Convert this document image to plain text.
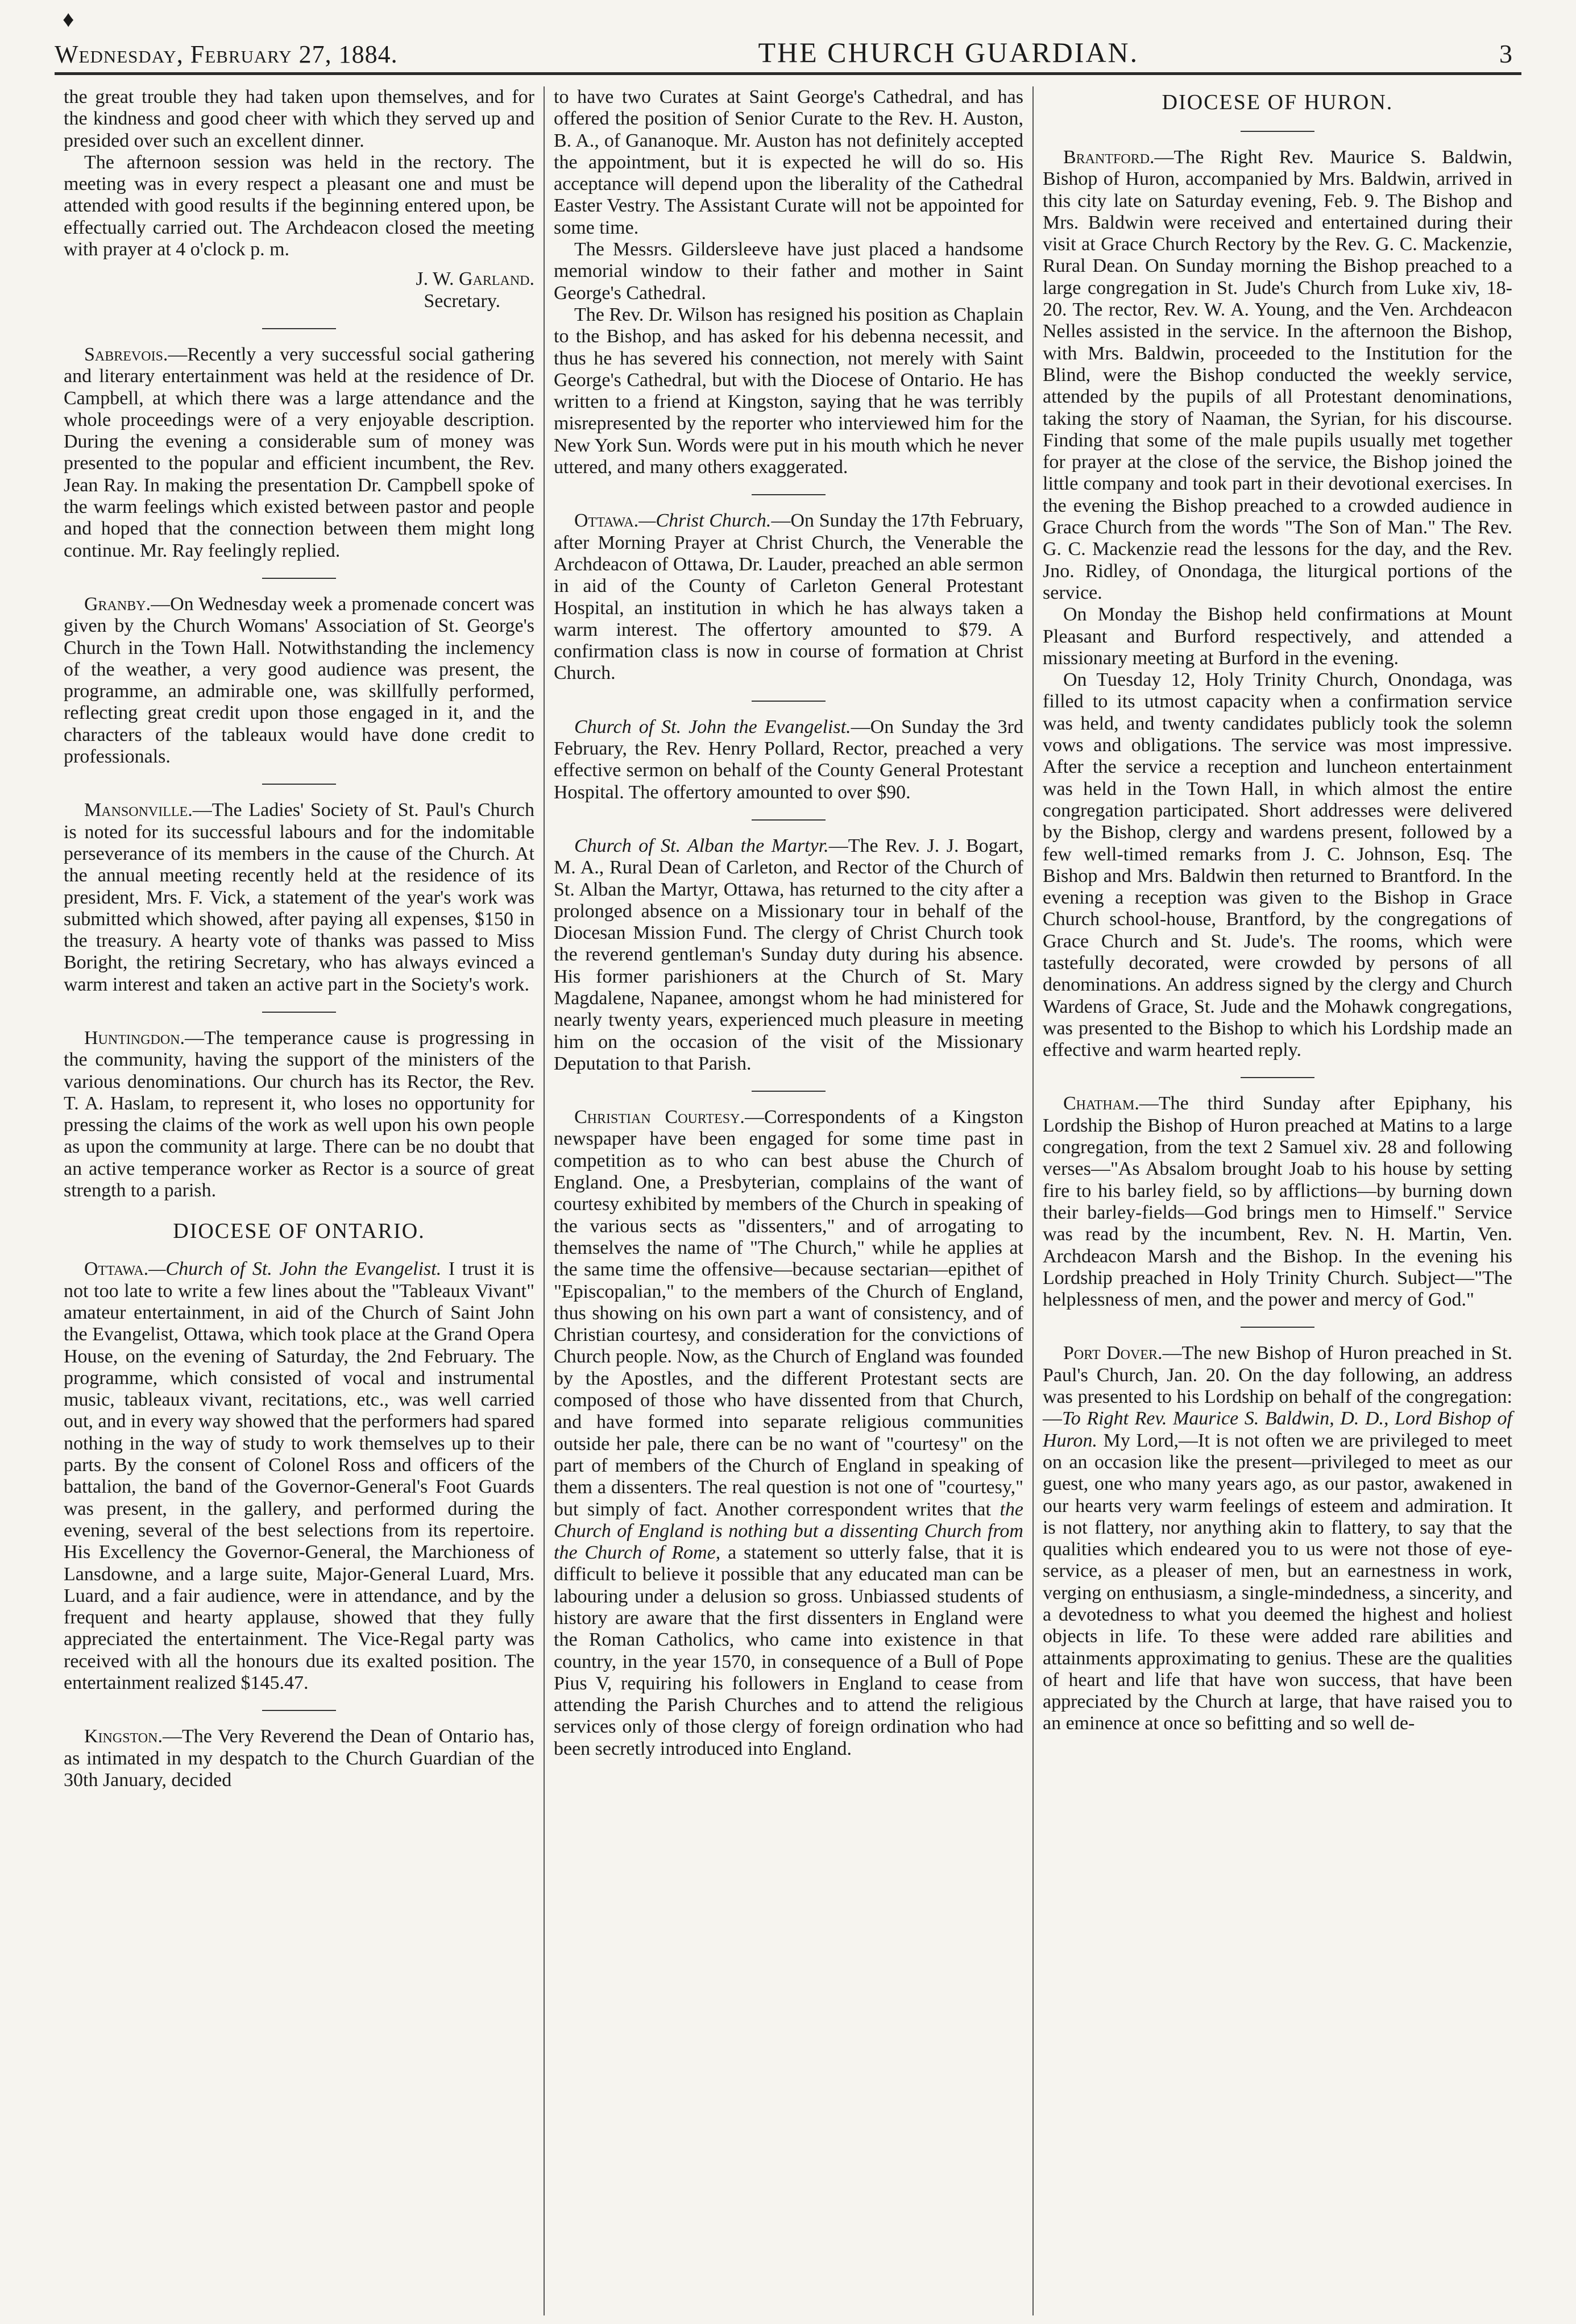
♦
Wednesday, February 27, 1884.	THE CHURCH GUARDIAN.	3

the great trouble they had taken upon themselves, and for the kindness and good cheer with which they served up and presided over such an excellent dinner.

The afternoon session was held in the rectory. The meeting was in every respect a pleasant one and must be attended with good results if the beginning entered upon, be effectually carried out. The Archdeacon closed the meeting with prayer at 4 o'clock p. m.

J. W. Garland.

Secretary.

Sabrevois.—Recently a very successful social gathering and literary entertainment was held at the residence of Dr. Campbell, at which there was a large attendance and the whole proceedings were of a very enjoyable description. During the evening a considerable sum of money was presented to the popular and efficient incumbent, the Rev. Jean Ray. In making the presentation Dr. Campbell spoke of the warm feelings which existed between pastor and people and hoped that the connection between them might long continue. Mr. Ray feelingly replied.

Granby.—On Wednesday week a promenade concert was given by the Church Womans' Association of St. George's Church in the Town Hall. Notwithstanding the inclemency of the weather, a very good audience was present, the programme, an admirable one, was skillfully performed, reflecting great credit upon those engaged in it, and the characters of the tableaux would have done credit to professionals.

Mansonville.—The Ladies' Society of St. Paul's Church is noted for its successful labours and for the indomitable perseverance of its members in the cause of the Church. At the annual meeting recently held at the residence of its president, Mrs. F. Vick, a statement of the year's work was submitted which showed, after paying all expenses, $150 in the treasury. A hearty vote of thanks was passed to Miss Boright, the retiring Secretary, who has always evinced a warm interest and taken an active part in the Society's work.

Huntingdon.—The temperance cause is progressing in the community, having the support of the ministers of the various denominations. Our church has its Rector, the Rev. T. A. Haslam, to represent it, who loses no opportunity for pressing the claims of the work as well upon his own people as upon the community at large. There can be no doubt that an active temperance worker as Rector is a source of great strength to a parish.

DIOCESE OF ONTARIO.

Ottawa.—Church of St. John the Evangelist. I trust it is not too late to write a few lines about the "Tableaux Vivant" amateur entertainment, in aid of the Church of Saint John the Evangelist, Ottawa, which took place at the Grand Opera House, on the evening of Saturday, the 2nd February. The programme, which consisted of vocal and instrumental music, tableaux vivant, recitations, etc., was well carried out, and in every way showed that the performers had spared nothing in the way of study to work themselves up to their parts. By the consent of Colonel Ross and officers of the battalion, the band of the Governor-General's Foot Guards was present, in the gallery, and performed during the evening, several of the best selections from its repertoire. His Excellency the Governor-General, the Marchioness of Lansdowne, and a large suite, Major-General Luard, Mrs. Luard, and a fair audience, were in attendance, and by the frequent and hearty applause, showed that they fully appreciated the entertainment. The Vice-Regal party was received with all the honours due its exalted position. The entertainment realized $145.47.

Kingston.—The Very Reverend the Dean of Ontario has, as intimated in my despatch to the Church Guardian of the 30th January, decided

to have two Curates at Saint George's Cathedral, and has offered the position of Senior Curate to the Rev. H. Auston, B. A., of Gananoque. Mr. Auston has not definitely accepted the appointment, but it is expected he will do so. His acceptance will depend upon the liberality of the Cathedral Easter Vestry. The Assistant Curate will not be appointed for some time.

The Messrs. Gildersleeve have just placed a handsome memorial window to their father and mother in Saint George's Cathedral.

The Rev. Dr. Wilson has resigned his position as Chaplain to the Bishop, and has asked for his debenna necessit, and thus he has severed his connection, not merely with Saint George's Cathedral, but with the Diocese of Ontario. He has written to a friend at Kingston, saying that he was terribly misrepresented by the reporter who interviewed him for the New York Sun. Words were put in his mouth which he never uttered, and many others exaggerated.

Ottawa.—Christ Church.—On Sunday the 17th February, after Morning Prayer at Christ Church, the Venerable the Archdeacon of Ottawa, Dr. Lauder, preached an able sermon in aid of the County of Carleton General Protestant Hospital, an institution in which he has always taken a warm interest. The offertory amounted to $79. A confirmation class is now in course of formation at Christ Church.

Church of St. John the Evangelist.—On Sunday the 3rd February, the Rev. Henry Pollard, Rector, preached a very effective sermon on behalf of the County General Protestant Hospital. The offertory amounted to over $90.

Church of St. Alban the Martyr.—The Rev. J. J. Bogart, M. A., Rural Dean of Carleton, and Rector of the Church of St. Alban the Martyr, Ottawa, has returned to the city after a prolonged absence on a Missionary tour in behalf of the Diocesan Mission Fund. The clergy of Christ Church took the reverend gentleman's Sunday duty during his absence. His former parishioners at the Church of St. Mary Magdalene, Napanee, amongst whom he had ministered for nearly twenty years, experienced much pleasure in meeting him on the occasion of the visit of the Missionary Deputation to that Parish.

Christian Courtesy.—Correspondents of a Kingston newspaper have been engaged for some time past in competition as to who can best abuse the Church of England. One, a Presbyterian, complains of the want of courtesy exhibited by members of the Church in speaking of the various sects as "dissenters," and of arrogating to themselves the name of "The Church," while he applies at the same time the offensive—because sectarian—epithet of "Episcopalian," to the members of the Church of England, thus showing on his own part a want of consistency, and of Christian courtesy, and consideration for the convictions of Church people. Now, as the Church of England was founded by the Apostles, and the different Protestant sects are composed of those who have dissented from that Church, and have formed into separate religious communities outside her pale, there can be no want of "courtesy" on the part of members of the Church of England in speaking of them a dissenters. The real question is not one of "courtesy," but simply of fact. Another correspondent writes that the Church of England is nothing but a dissenting Church from the Church of Rome, a statement so utterly false, that it is difficult to believe it possible that any educated man can be labouring under a delusion so gross. Unbiassed students of history are aware that the first dissenters in England were the Roman Catholics, who came into existence in that country, in the year 1570, in consequence of a Bull of Pope Pius V, requiring his followers in England to cease from attending the Parish Churches and to attend the religious services only of those clergy of foreign ordination who had been secretly introduced into England.

DIOCESE OF HURON.

Brantford.—The Right Rev. Maurice S. Baldwin, Bishop of Huron, accompanied by Mrs. Baldwin, arrived in this city late on Saturday evening, Feb. 9. The Bishop and Mrs. Baldwin were received and entertained during their visit at Grace Church Rectory by the Rev. G. C. Mackenzie, Rural Dean. On Sunday morning the Bishop preached to a large congregation in St. Jude's Church from Luke xiv, 18-20. The rector, Rev. W. A. Young, and the Ven. Archdeacon Nelles assisted in the service. In the afternoon the Bishop, with Mrs. Baldwin, proceeded to the Institution for the Blind, were the Bishop conducted the weekly service, attended by the pupils of all Protestant denominations, taking the story of Naaman, the Syrian, for his discourse. Finding that some of the male pupils usually met together for prayer at the close of the service, the Bishop joined the little company and took part in their devotional exercises. In the evening the Bishop preached to a crowded audience in Grace Church from the words "The Son of Man." The Rev. G. C. Mackenzie read the lessons for the day, and the Rev. Jno. Ridley, of Onondaga, the liturgical portions of the service.

On Monday the Bishop held confirmations at Mount Pleasant and Burford respectively, and attended a missionary meeting at Burford in the evening.

On Tuesday 12, Holy Trinity Church, Onondaga, was filled to its utmost capacity when a confirmation service was held, and twenty candidates publicly took the solemn vows and obligations. The service was most impressive. After the service a reception and luncheon entertainment was held in the Town Hall, in which almost the entire congregation participated. Short addresses were delivered by the Bishop, clergy and wardens present, followed by a few well-timed remarks from J. C. Johnson, Esq. The Bishop and Mrs. Baldwin then returned to Brantford. In the evening a reception was given to the Bishop in Grace Church school-house, Brantford, by the congregations of Grace Church and St. Jude's. The rooms, which were tastefully decorated, were crowded by persons of all denominations. An address signed by the clergy and Church Wardens of Grace, St. Jude and the Mohawk congregations, was presented to the Bishop to which his Lordship made an effective and warm hearted reply.

Chatham.—The third Sunday after Epiphany, his Lordship the Bishop of Huron preached at Matins to a large congregation, from the text 2 Samuel xiv. 28 and following verses—"As Absalom brought Joab to his house by setting fire to his barley field, so by afflictions—by burning down their barley-fields—God brings men to Himself." Service was read by the incumbent, Rev. N. H. Martin, Ven. Archdeacon Marsh and the Bishop. In the evening his Lordship preached in Holy Trinity Church. Subject—"The helplessness of men, and the power and mercy of God."

Port Dover.—The new Bishop of Huron preached in St. Paul's Church, Jan. 20. On the day following, an address was presented to his Lordship on behalf of the congregation:—To Right Rev. Maurice S. Baldwin, D. D., Lord Bishop of Huron. My Lord,—It is not often we are privileged to meet on an occasion like the present—privileged to meet as our guest, one who many years ago, as our pastor, awakened in our hearts very warm feelings of esteem and admiration. It is not flattery, nor anything akin to flattery, to say that the qualities which endeared you to us were not those of eye-service, as a pleaser of men, but an earnestness in work, verging on enthusiasm, a single-mindedness, a sincerity, and a devotedness to what you deemed the highest and holiest objects in life. To these were added rare abilities and attainments approximating to genius. These are the qualities of heart and life that have won success, that have been appreciated by the Church at large, that have raised you to an eminence at once so befitting and so well de-
